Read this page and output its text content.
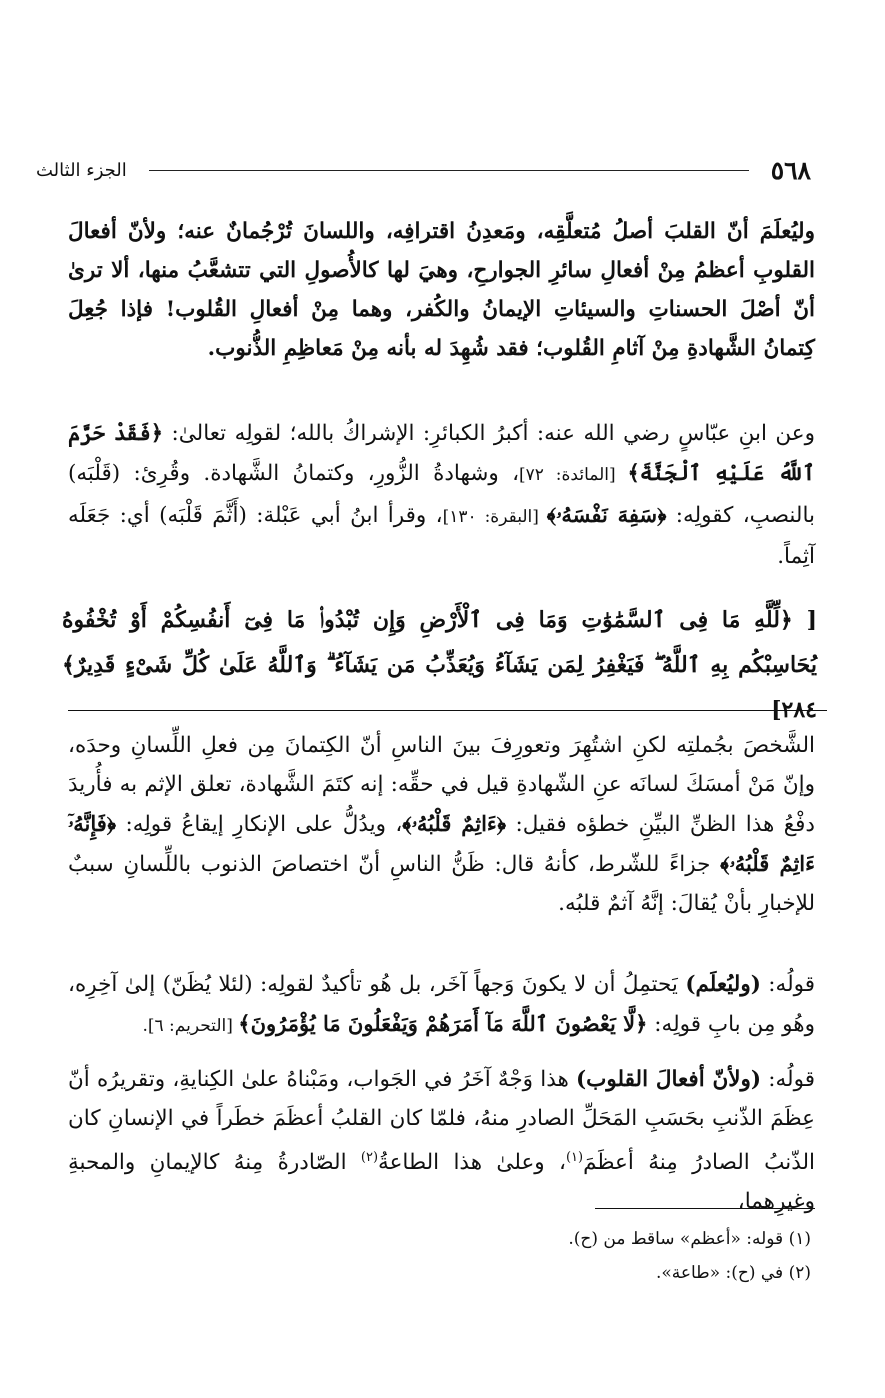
٥٦٨
الجزء الثالث

وليُعلَمَ أنّ القلبَ أصلُ مُتعلَّقِه، ومَعدِنُ اقترافِه، واللسانَ تُرْجُمانٌ عنه؛ ولأنّ أفعالَ القلوبِ أعظمُ مِنْ أفعالِ سائرِ الجوارحِ، وهيَ لها كالأُصولِ التي تتشعَّبُ منها، ألا ترىٰ أنّ أصْلَ الحسناتِ والسيئاتِ الإيمانُ والكُفر، وهما مِنْ أفعالِ القُلوب! فإذا جُعِلَ كِتمانُ الشَّهادةِ مِنْ آثامِ القُلوب؛ فقد شُهِدَ له بأنه مِنْ مَعاظِمِ الذُّنوب.

وعن ابنِ عبّاسٍ رضي الله عنه: أكبرُ الكبائرِ: الإشراكُ بالله؛ لقولِه تعالىٰ: ﴿فَقَدْ حَرَّمَ ٱللَّهُ عَلَيْهِ ٱلْجَنَّةَ﴾ [المائدة: ٧٢]، وشهادةُ الزُّورِ، وكتمانُ الشَّهادة. وقُرِئ: (قَلْبَه) بالنصبِ، كقولِه: ﴿سَفِهَ نَفْسَهُۥ﴾ [البقرة: ١٣٠]، وقرأ ابنُ أبي عَبْلة: (أَثَّمَ قَلْبَه) أي: جَعَلَه آثِماً.

[ ﴿لِّلَّهِ مَا فِى ٱلسَّمَٰوَٰتِ وَمَا فِى ٱلْأَرْضِ وَإِن تُبْدُوا۟ مَا فِىٓ أَنفُسِكُمْ أَوْ تُخْفُوهُ يُحَاسِبْكُم بِهِ ٱللَّهُ ۖ فَيَغْفِرُ لِمَن يَشَآءُ وَيُعَذِّبُ مَن يَشَآءُ ۗ وَٱللَّهُ عَلَىٰ كُلِّ شَىْءٍ قَدِيرٌ﴾ ٢٨٤]

الشَّخصَ بجُملتِه لكنِ اشتُهِرَ وتعورِفَ بينَ الناسِ أنّ الكِتمانَ مِن فعلِ اللِّسانِ وحدَه، وإنّ مَنْ أمسَكَ لسانَه عنِ الشّهادةِ قيل في حقِّه: إنه كتَمَ الشَّهادة، تعلق الإثم به فأُريدَ دفْعُ هذا الظنِّ البيِّنِ خطؤه فقيل: ﴿ءَاثِمٌ قَلْبُهُۥ﴾، ويدُلُّ على الإنكارِ إيقاعُ قولِه: ﴿فَإِنَّهُۥٓ ءَاثِمٌ قَلْبُهُۥ﴾ جزاءً للشّرط، كأنهُ قال: ظَنُّ الناسِ أنّ اختصاصَ الذنوب باللِّسانِ سببٌ للإخبارِ بأنْ يُقالَ: إنَّهُ آثمٌ قلبُه.

قولُه: (وليُعلَم) يَحتمِلُ أن لا يكونَ وَجهاً آخَر، بل هُو تأكيدٌ لقولِه: (لئلا يُظَنّ) إلىٰ آخِرِه، وهُو مِن بابِ قولِه: ﴿لَّا يَعْصُونَ ٱللَّهَ مَآ أَمَرَهُمْ وَيَفْعَلُونَ مَا يُؤْمَرُونَ﴾ [التحريم: ٦].

قولُه: (ولأنّ أفعالَ القلوب) هذا وَجْهٌ آخَرُ في الجَواب، ومَبْناهُ علىٰ الكِنايةِ، وتقريرُه أنّ عِظَمَ الذّنبِ بحَسَبِ المَحَلِّ الصادرِ منهُ، فلمّا كان القلبُ أعظَمَ خطَراً في الإنسانِ كان الذّنبُ الصادرُ مِنهُ أعظَمَ$^{(١)}$، وعلىٰ هذا الطاعةُ$^{(٢)}$ الصّادرةُ مِنهُ كالإيمانِ والمحبةِ وغيرِهما،

(١) قوله: «أعظم» ساقط من (ح).

(٢) في (ح): «طاعة».
